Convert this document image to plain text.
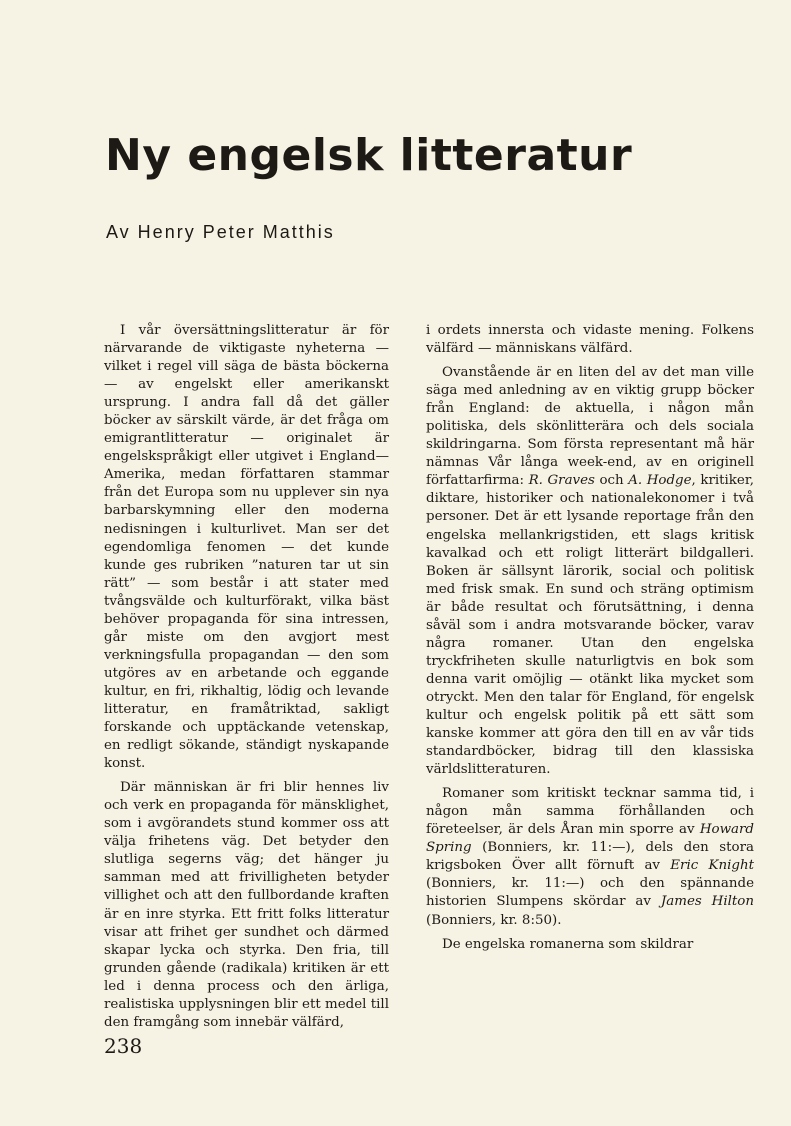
Ny engelsk litteratur

Av Henry Peter Matthis

I vår översättningslitteratur är för närvarande de viktigaste nyheterna — vilket i regel vill säga de bästa böckerna — av engelskt eller amerikanskt ursprung. I andra fall då det gäller böcker av särskilt värde, är det fråga om emigrantlitteratur — originalet är engelskspråkigt eller utgivet i England—Amerika, medan författaren stammar från det Europa som nu upplever sin nya barbarskymning eller den moderna nedisningen i kulturlivet. Man ser det egendomliga fenomen — det kunde kunde ges rubriken ”naturen tar ut sin rätt” — som består i att stater med tvångsvälde och kulturförakt, vilka bäst behöver propaganda för sina intressen, går miste om den avgjort mest verkningsfulla propagandan — den som utgöres av en arbetande och eggande kultur, en fri, rikhaltig, lödig och levande litteratur, en framåtriktad, sakligt forskande och upptäckande vetenskap, en redligt sökande, ständigt nyskapande konst.

Där människan är fri blir hennes liv och verk en propaganda för mänsklighet, som i avgörandets stund kommer oss att välja frihetens väg. Det betyder den slutliga segerns väg; det hänger ju samman med att frivilligheten betyder villighet och att den fullbordande kraften är en inre styrka. Ett fritt folks litteratur visar att frihet ger sundhet och därmed skapar lycka och styrka. Den fria, till grunden gående (radikala) kritiken är ett led i denna process och den ärliga, realistiska upplysningen blir ett medel till den framgång som innebär välfärd,

i ordets innersta och vidaste mening. Folkens välfärd — människans välfärd.

Ovanstående är en liten del av det man ville säga med anledning av en viktig grupp böcker från England: de aktuella, i någon mån politiska, dels skönlitterära och dels sociala skildringarna. Som första representant må här nämnas Vår långa week-end, av en originell författarfirma: R. Graves och A. Hodge, kritiker, diktare, historiker och nationalekonomer i två personer. Det är ett lysande reportage från den engelska mellankrigstiden, ett slags kritisk kavalkad och ett roligt litterärt bildgalleri. Boken är sällsynt lärorik, social och politisk med frisk smak. En sund och sträng optimism är både resultat och förutsättning, i denna såväl som i andra motsvarande böcker, varav några romaner. Utan den engelska tryckfriheten skulle naturligtvis en bok som denna varit omöjlig — otänkt lika mycket som otryckt. Men den talar för England, för engelsk kultur och engelsk politik på ett sätt som kanske kommer att göra den till en av vår tids standardböcker, bidrag till den klassiska världslitteraturen.

Romaner som kritiskt tecknar samma tid, i någon mån samma förhållanden och företeelser, är dels Åran min sporre av Howard Spring (Bonniers, kr. 11:—), dels den stora krigsboken Över allt förnuft av Eric Knight (Bonniers, kr. 11:—) och den spännande historien Slumpens skördar av James Hilton (Bonniers, kr. 8:50).

De engelska romanerna som skildrar

238
